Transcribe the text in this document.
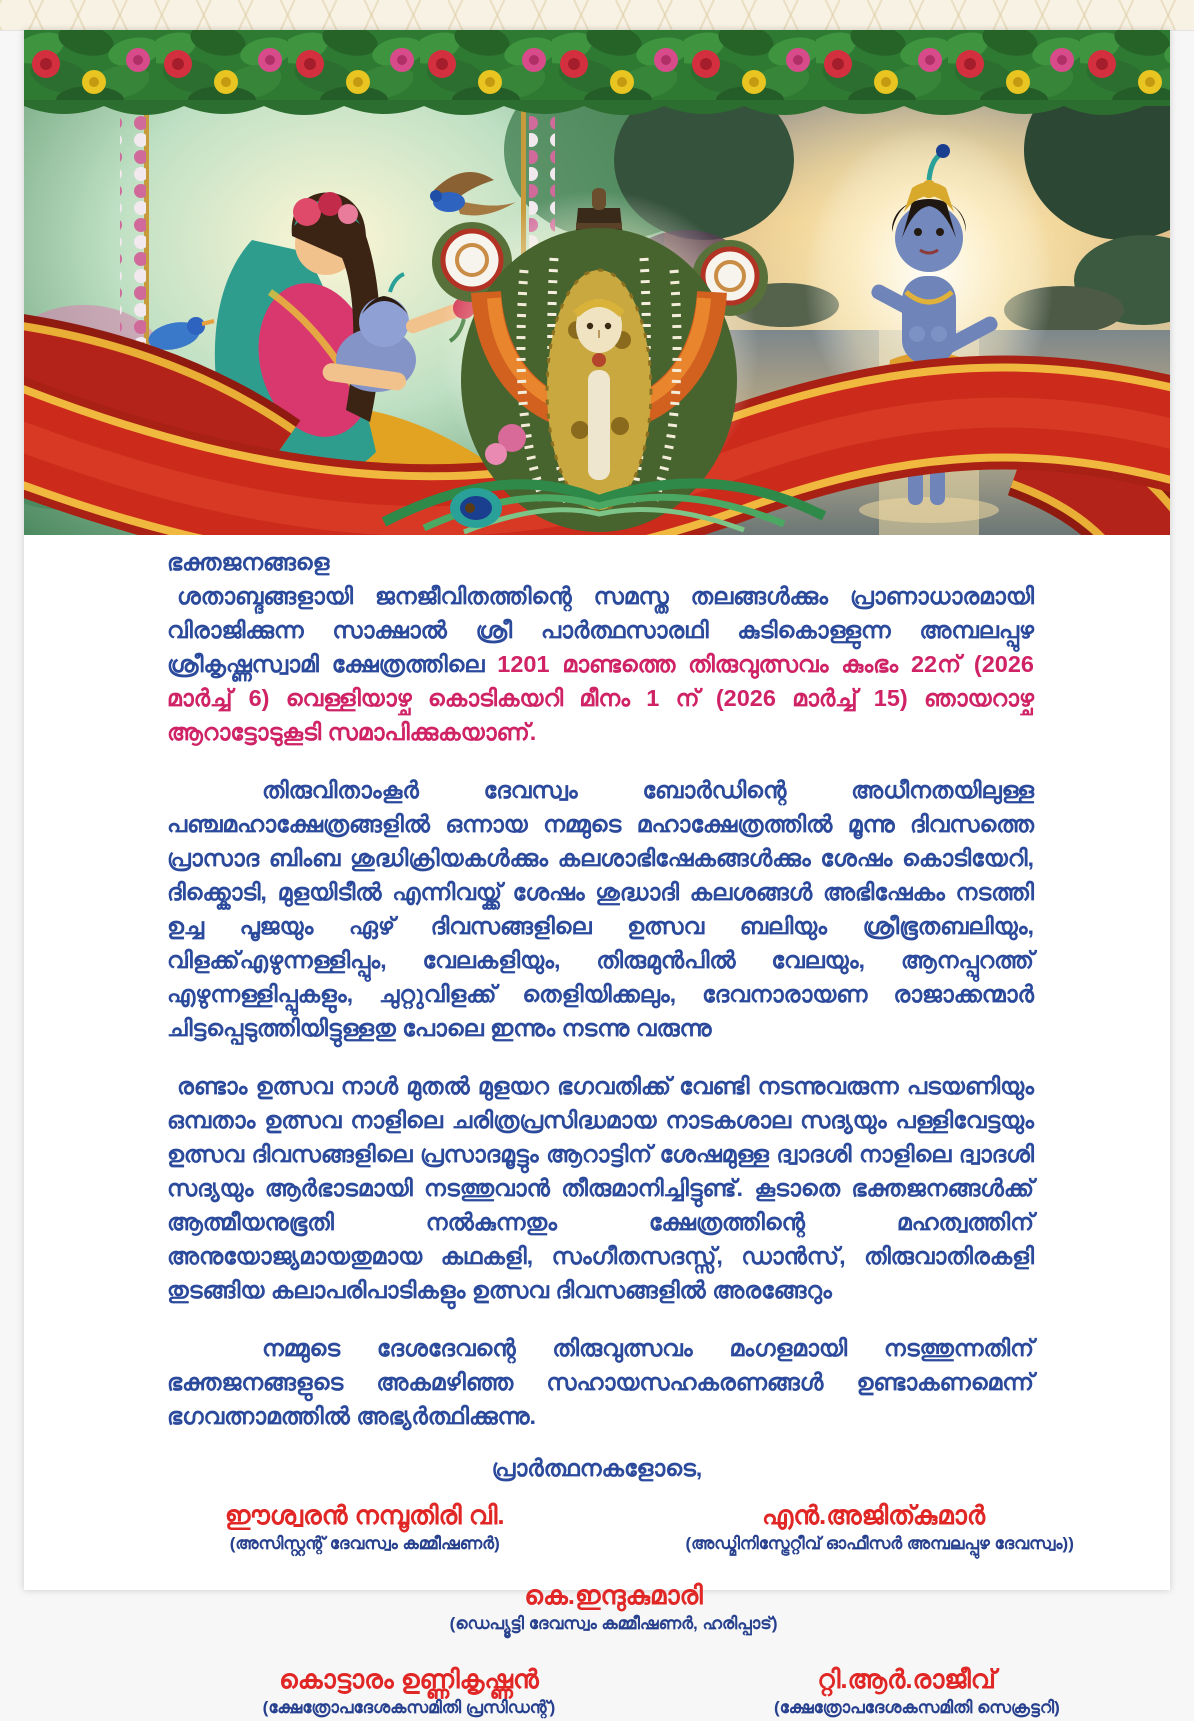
ഭക്തജനങ്ങളെ

ശതാബ്ദങ്ങളായി ജനജീവിതത്തിന്റെ സമസ്ത തലങ്ങൾക്കും പ്രാണാധാരമായി വിരാജിക്കുന്ന സാക്ഷാൽ ശ്രീ പാർത്ഥസാരഥി കുടികൊള്ളുന്ന അമ്പലപ്പുഴ ശ്രീകൃഷ്ണസ്വാമി ക്ഷേത്രത്തിലെ 1201 മാണ്ടത്തെ തിരുവുത്സവം കുംഭം 22ന് (2026 മാർച്ച് 6) വെള്ളിയാഴ്ച കൊടികയറി മീനം 1 ന് (2026 മാർച്ച് 15) ഞായറാഴ്ച ആറാട്ടോടുകൂടി സമാപിക്കുകയാണ്.

തിരുവിതാംകൂർ ദേവസ്വം ബോർഡിന്റെ അധീനതയിലുള്ള പഞ്ചമഹാക്ഷേത്രങ്ങളിൽ ഒന്നായ നമ്മുടെ മഹാക്ഷേത്രത്തിൽ മൂന്നു ദിവസത്തെ പ്രാസാദ ബിംബ ശുദ്ധിക്രിയകൾക്കും കലശാഭിഷേകങ്ങൾക്കും ശേഷം കൊടിയേറി, ദിക്ക്കൊടി, മുളയിടീൽ എന്നിവയ്ക്ക് ശേഷം ശുദ്ധാദി കലശങ്ങൾ അഭിഷേകം നടത്തി ഉച്ച പൂജയും ഏഴ് ദിവസങ്ങളിലെ ഉത്സവ ബലിയും ശ്രീഭൂതബലിയും, വിളക്ക്എഴുന്നള്ളിപ്പും, വേലകളിയും, തിരുമുൻപിൽ വേലയും, ആനപ്പുറത്ത് എഴുന്നള്ളിപ്പുകളും, ചുറ്റുവിളക്ക് തെളിയിക്കലും, ദേവനാരായണ രാജാക്കന്മാർ ചിട്ടപ്പെടുത്തിയിട്ടുള്ളതു പോലെ ഇന്നും നടന്നു വരുന്നു

രണ്ടാം ഉത്സവ നാൾ മുതൽ മുളയറ ഭഗവതിക്ക് വേണ്ടി നടന്നുവരുന്ന പടയണിയും ഒമ്പതാം ഉത്സവ നാളിലെ ചരിത്രപ്രസിദ്ധമായ നാടകശാല സദ്യയും പള്ളിവേട്ടയും ഉത്സവ ദിവസങ്ങളിലെ പ്രസാദമൂട്ടും ആറാട്ടിന് ശേഷമുള്ള ദ്വാദശി നാളിലെ ദ്വാദശി സദ്യയും ആർഭാടമായി നടത്തുവാൻ തീരുമാനിച്ചിട്ടുണ്ട്. കൂടാതെ ഭക്തജനങ്ങൾക്ക് ആത്മീയനുഭൂതി നൽകുന്നതും ക്ഷേത്രത്തിന്റെ മഹത്വത്തിന് അനുയോജ്യമായതുമായ കഥകളി, സംഗീതസദസ്സ്, ഡാൻസ്, തിരുവാതിരകളി തുടങ്ങിയ കലാപരിപാടികളും ഉത്സവ ദിവസങ്ങളിൽ അരങ്ങേറും

നമ്മുടെ ദേശദേവന്റെ തിരുവുത്സവം മംഗളമായി നടത്തുന്നതിന് ഭക്തജനങ്ങളുടെ അകമഴിഞ്ഞ സഹായസഹകരണങ്ങൾ ഉണ്ടാകണമെന്ന് ഭഗവത്നാമത്തിൽ അഭ്യർത്ഥിക്കുന്നു.

പ്രാർത്ഥനകളോടെ,
ഈശ്വരൻ നമ്പൂതിരി വി.
(അസിസ്റ്റന്റ് ദേവസ്വം കമ്മീഷണർ)
എൻ.അജിത്കുമാർ
(അഡ്മിനിസ്ട്രേറ്റീവ് ഓഫീസർ അമ്പലപ്പുഴ ദേവസ്വം))
കെ.ഇന്ദുകുമാരി
(ഡെപ്യൂട്ടി ദേവസ്വം കമ്മീഷണർ, ഹരിപ്പാട്)
കൊട്ടാരം ഉണ്ണികൃഷ്ണൻ
(ക്ഷേത്രോപദേശകസമിതി പ്രസിഡന്റ്)
റ്റി.ആർ.രാജീവ്
(ക്ഷേത്രോപദേശകസമിതി സെക്രട്ടറി)
